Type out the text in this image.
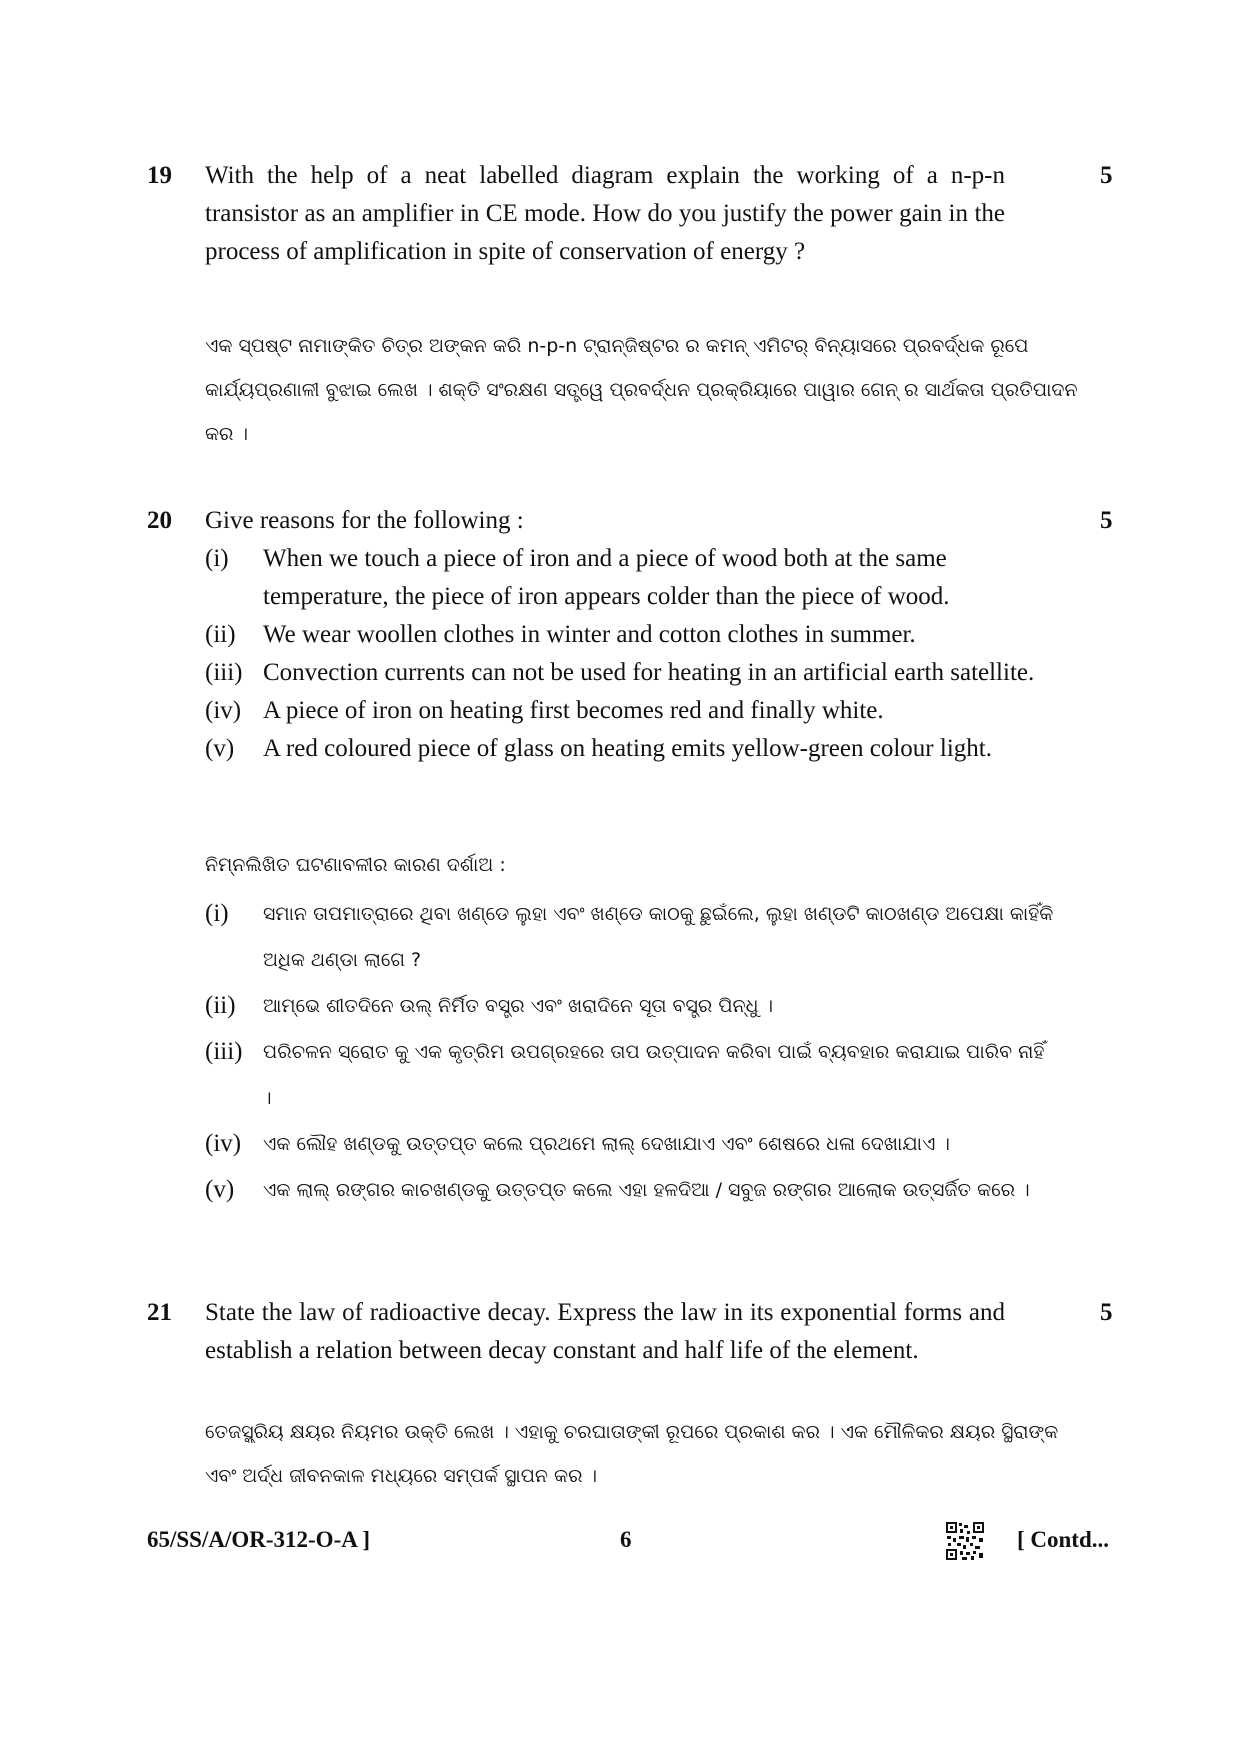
19	5

With the help of a neat labelled diagram explain the working of a n-p-n transistor as an amplifier in CE mode. How do you justify the power gain in the process of amplification in spite of conservation of energy ?

ଏକ ସ୍ପଷ୍ଟ ନାମାଙ୍କିତ ଚିତ୍ର ଅଙ୍କନ କରି n-p-n ଟ୍ରାନ୍‌ଜିଷ୍ଟର ର କମନ୍ ଏମିଟର୍ ବିନ୍ୟାସରେ ପ୍ରବର୍ଦ୍ଧକ ରୂପେ କାର୍ଯ୍ୟପ୍ରଣାଳୀ ବୁଝାଇ ଲେଖ । ଶକ୍ତି ସଂରକ୍ଷଣ ସତ୍ତ୍ୱେ ପ୍ରବର୍ଦ୍ଧନ ପ୍ରକ୍ରିୟାରେ ପାୱାର ଗେନ୍ ର ସାର୍ଥକତା ପ୍ରତିପାଦନ କର ।

20	5

Give reasons for the following :

(i) When we touch a piece of iron and a piece of wood both at the same temperature, the piece of iron appears colder than the piece of wood.
(ii) We wear woollen clothes in winter and cotton clothes in summer.
(iii) Convection currents can not be used for heating in an artificial earth satellite.
(iv) A piece of iron on heating first becomes red and finally white.
(v) A red coloured piece of glass on heating emits yellow-green colour light.

ନିମ୍ନଲିଖିତ ଘଟଣାବଳୀର କାରଣ ଦର୍ଶାଅ :

(i) ସମାନ ତାପମାତ୍ରାରେ ଥିବା ଖଣ୍ଡେ ଲୁହା ଏବଂ ଖଣ୍ଡେ କାଠକୁ ଛୁଇଁଲେ, ଲୁହା ଖଣ୍ଡଟି କାଠଖଣ୍ଡ ଅପେକ୍ଷା କାହିଁକି ଅଧିକ ଥଣ୍ଡା ଲାଗେ ?
(ii) ଆମ୍ଭେ ଶୀତଦିନେ ଉଲ୍ ନିର୍ମିତ ବସ୍ତ୍ର ଏବଂ ଖରାଦିନେ ସୂତା ବସ୍ତ୍ର ପିନ୍ଧୁ ।
(iii) ପରିଚଳନ ସ୍ରୋତ କୁ ଏକ କୃତ୍ରିମ ଉପଗ୍ରହରେ ତାପ ଉତ୍ପାଦନ କରିବା ପାଇଁ ବ୍ୟବହାର କରାଯାଇ ପାରିବ ନାହିଁ ।
(iv) ଏକ ଲୌହ ଖଣ୍ଡକୁ ଉତ୍ତପ୍ତ କଲେ ପ୍ରଥମେ ଲାଲ୍ ଦେଖାଯାଏ ଏବଂ ଶେଷରେ ଧଳା ଦେଖାଯାଏ ।
(v) ଏକ ଲାଲ୍ ରଙ୍ଗର କାଚଖଣ୍ଡକୁ ଉତ୍ତପ୍ତ କଲେ ଏହା ହଳଦିଆ / ସବୁଜ ରଙ୍ଗର ଆଲୋକ ଉତ୍ସର୍ଜିତ କରେ ।
21	5

State the law of radioactive decay. Express the law in its exponential forms and establish a relation between decay constant and half life of the element.

ତେଜସ୍କ୍ରିୟ କ୍ଷୟର ନିୟମର ଉକ୍ତି ଲେଖ । ଏହାକୁ ଚରଘାତାଙ୍କୀ ରୂପରେ ପ୍ରକାଶ କର । ଏକ ମୌଳିକର କ୍ଷୟର ସ୍ଥିରାଙ୍କ ଏବଂ ଅର୍ଦ୍ଧ ଜୀବନକାଳ ମଧ୍ୟରେ ସମ୍ପର୍କ ସ୍ଥାପନ କର ।

65/SS/A/OR-312-O-A ]	6	[ Contd...
